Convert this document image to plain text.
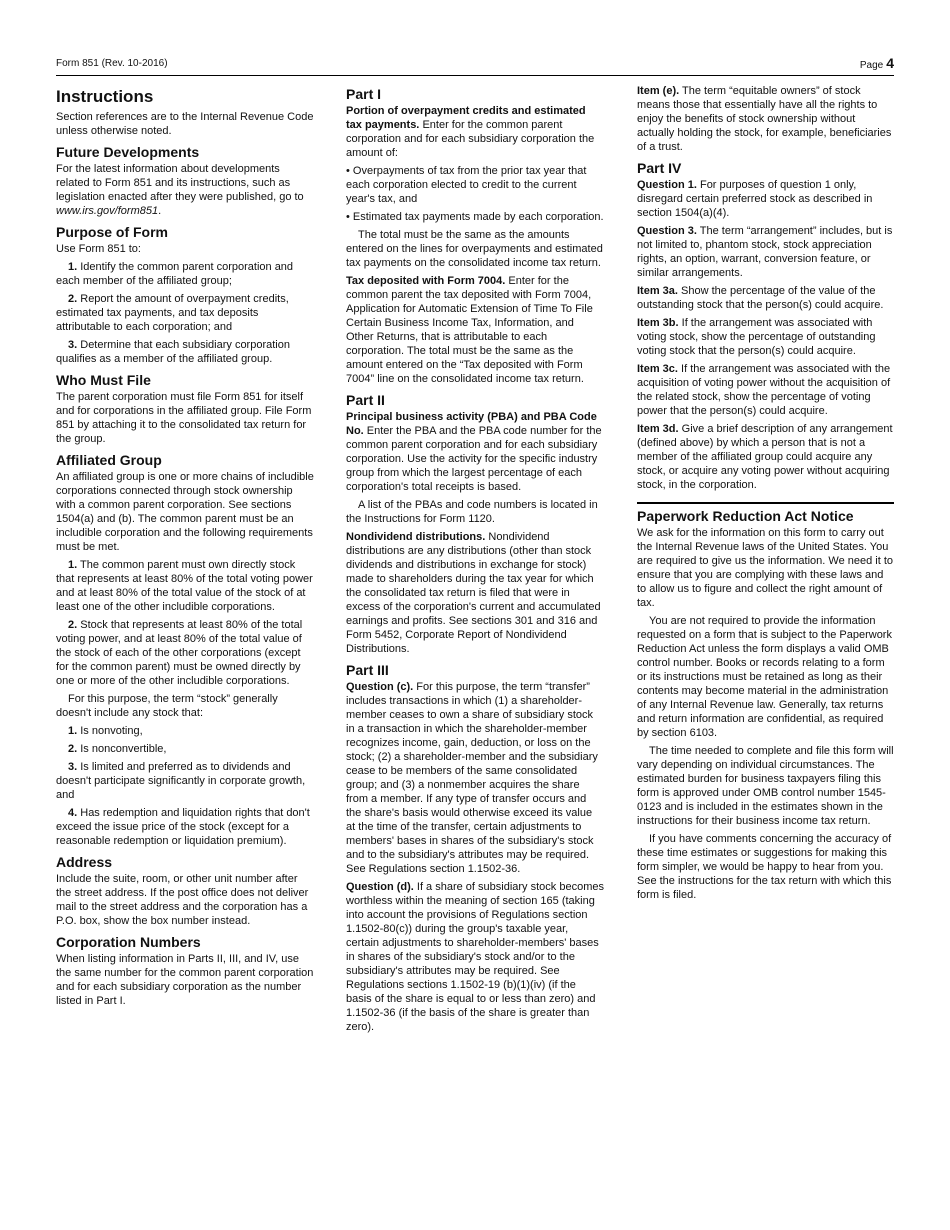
Form 851 (Rev. 10-2016)	Page 4
Instructions

Section references are to the Internal Revenue Code unless otherwise noted.

Future Developments

For the latest information about developments related to Form 851 and its instructions, such as legislation enacted after they were published, go to www.irs.gov/form851.

Purpose of Form

Use Form 851 to:

1. Identify the common parent corporation and each member of the affiliated group;

2. Report the amount of overpayment credits, estimated tax payments, and tax deposits attributable to each corporation; and

3. Determine that each subsidiary corporation qualifies as a member of the affiliated group.

Who Must File

The parent corporation must file Form 851 for itself and for corporations in the affiliated group. File Form 851 by attaching it to the consolidated tax return for the group.

Affiliated Group

An affiliated group is one or more chains of includible corporations connected through stock ownership with a common parent corporation. See sections 1504(a) and (b). The common parent must be an includible corporation and the following requirements must be met.

1. The common parent must own directly stock that represents at least 80% of the total voting power and at least 80% of the total value of the stock of at least one of the other includible corporations.

2. Stock that represents at least 80% of the total voting power, and at least 80% of the total value of the stock of each of the other corporations (except for the common parent) must be owned directly by one or more of the other includible corporations.

For this purpose, the term “stock” generally doesn't include any stock that:

1. Is nonvoting,

2. Is nonconvertible,

3. Is limited and preferred as to dividends and doesn't participate significantly in corporate growth, and

4. Has redemption and liquidation rights that don't exceed the issue price of the stock (except for a reasonable redemption or liquidation premium).

Address

Include the suite, room, or other unit number after the street address. If the post office does not deliver mail to the street address and the corporation has a P.O. box, show the box number instead.

Corporation Numbers

When listing information in Parts II, III, and IV, use the same number for the common parent corporation and for each subsidiary corporation as the number listed in Part I.

Part I

Portion of overpayment credits and estimated tax payments. Enter for the common parent corporation and for each subsidiary corporation the amount of:

• Overpayments of tax from the prior tax year that each corporation elected to credit to the current year's tax, and

• Estimated tax payments made by each corporation.

The total must be the same as the amounts entered on the lines for overpayments and estimated tax payments on the consolidated income tax return.

Tax deposited with Form 7004. Enter for the common parent the tax deposited with Form 7004, Application for Automatic Extension of Time To File Certain Business Income Tax, Information, and Other Returns, that is attributable to each corporation. The total must be the same as the amount entered on the “Tax deposited with Form 7004” line on the consolidated income tax return.

Part II

Principal business activity (PBA) and PBA Code No. Enter the PBA and the PBA code number for the common parent corporation and for each subsidiary corporation. Use the activity for the specific industry group from which the largest percentage of each corporation's total receipts is based.

A list of the PBAs and code numbers is located in the Instructions for Form 1120.

Nondividend distributions. Nondividend distributions are any distributions (other than stock dividends and distributions in exchange for stock) made to shareholders during the tax year for which the consolidated tax return is filed that were in excess of the corporation's current and accumulated earnings and profits. See sections 301 and 316 and Form 5452, Corporate Report of Nondividend Distributions.

Part III

Question (c). For this purpose, the term “transfer” includes transactions in which (1) a shareholder-member ceases to own a share of subsidiary stock in a transaction in which the shareholder-member recognizes income, gain, deduction, or loss on the stock; (2) a shareholder-member and the subsidiary cease to be members of the same consolidated group; and (3) a nonmember acquires the share from a member. If any type of transfer occurs and the share's basis would otherwise exceed its value at the time of the transfer, certain adjustments to members' bases in shares of the subsidiary's stock and to the subsidiary's attributes may be required. See Regulations section 1.1502-36.

Question (d). If a share of subsidiary stock becomes worthless within the meaning of section 165 (taking into account the provisions of Regulations section 1.1502-80(c)) during the group's taxable year, certain adjustments to shareholder-members' bases in shares of the subsidiary's stock and/or to the subsidiary's attributes may be required. See Regulations sections 1.1502-19 (b)(1)(iv) (if the basis of the share is equal to or less than zero) and 1.1502-36 (if the basis of the share is greater than zero).

Item (e). The term “equitable owners” of stock means those that essentially have all the rights to enjoy the benefits of stock ownership without actually holding the stock, for example, beneficiaries of a trust.

Part IV

Question 1. For purposes of question 1 only, disregard certain preferred stock as described in section 1504(a)(4).

Question 3. The term “arrangement” includes, but is not limited to, phantom stock, stock appreciation rights, an option, warrant, conversion feature, or similar arrangements.

Item 3a. Show the percentage of the value of the outstanding stock that the person(s) could acquire.

Item 3b. If the arrangement was associated with voting stock, show the percentage of outstanding voting stock that the person(s) could acquire.

Item 3c. If the arrangement was associated with the acquisition of voting power without the acquisition of the related stock, show the percentage of voting power that the person(s) could acquire.

Item 3d. Give a brief description of any arrangement (defined above) by which a person that is not a member of the affiliated group could acquire any stock, or acquire any voting power without acquiring stock, in the corporation.

Paperwork Reduction Act Notice

We ask for the information on this form to carry out the Internal Revenue laws of the United States. You are required to give us the information. We need it to ensure that you are complying with these laws and to allow us to figure and collect the right amount of tax.

You are not required to provide the information requested on a form that is subject to the Paperwork Reduction Act unless the form displays a valid OMB control number. Books or records relating to a form or its instructions must be retained as long as their contents may become material in the administration of any Internal Revenue law. Generally, tax returns and return information are confidential, as required by section 6103.

The time needed to complete and file this form will vary depending on individual circumstances. The estimated burden for business taxpayers filing this form is approved under OMB control number 1545-0123 and is included in the estimates shown in the instructions for their business income tax return.

If you have comments concerning the accuracy of these time estimates or suggestions for making this form simpler, we would be happy to hear from you. See the instructions for the tax return with which this form is filed.
